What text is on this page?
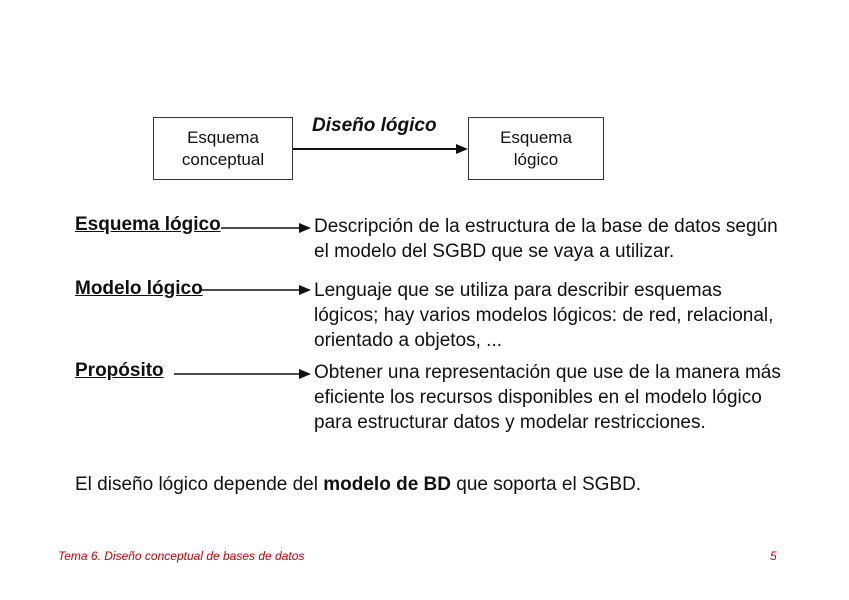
Esquema
conceptual
Diseño lógico
Esquema
lógico
Esquema lógico	Descripción de la estructura de la base de datos según el modelo del SGBD que se vaya a utilizar.
Modelo lógico	Lenguaje que se utiliza para describir esquemas lógicos; hay varios modelos lógicos: de red, relacional, orientado a objetos, ...
Propósito	Obtener una representación que use de la manera más eficiente los recursos disponibles en el modelo lógico para estructurar datos y modelar restricciones.
El diseño lógico depende del modelo de BD que soporta el SGBD.
Tema 6. Diseño conceptual de bases de datos	5
